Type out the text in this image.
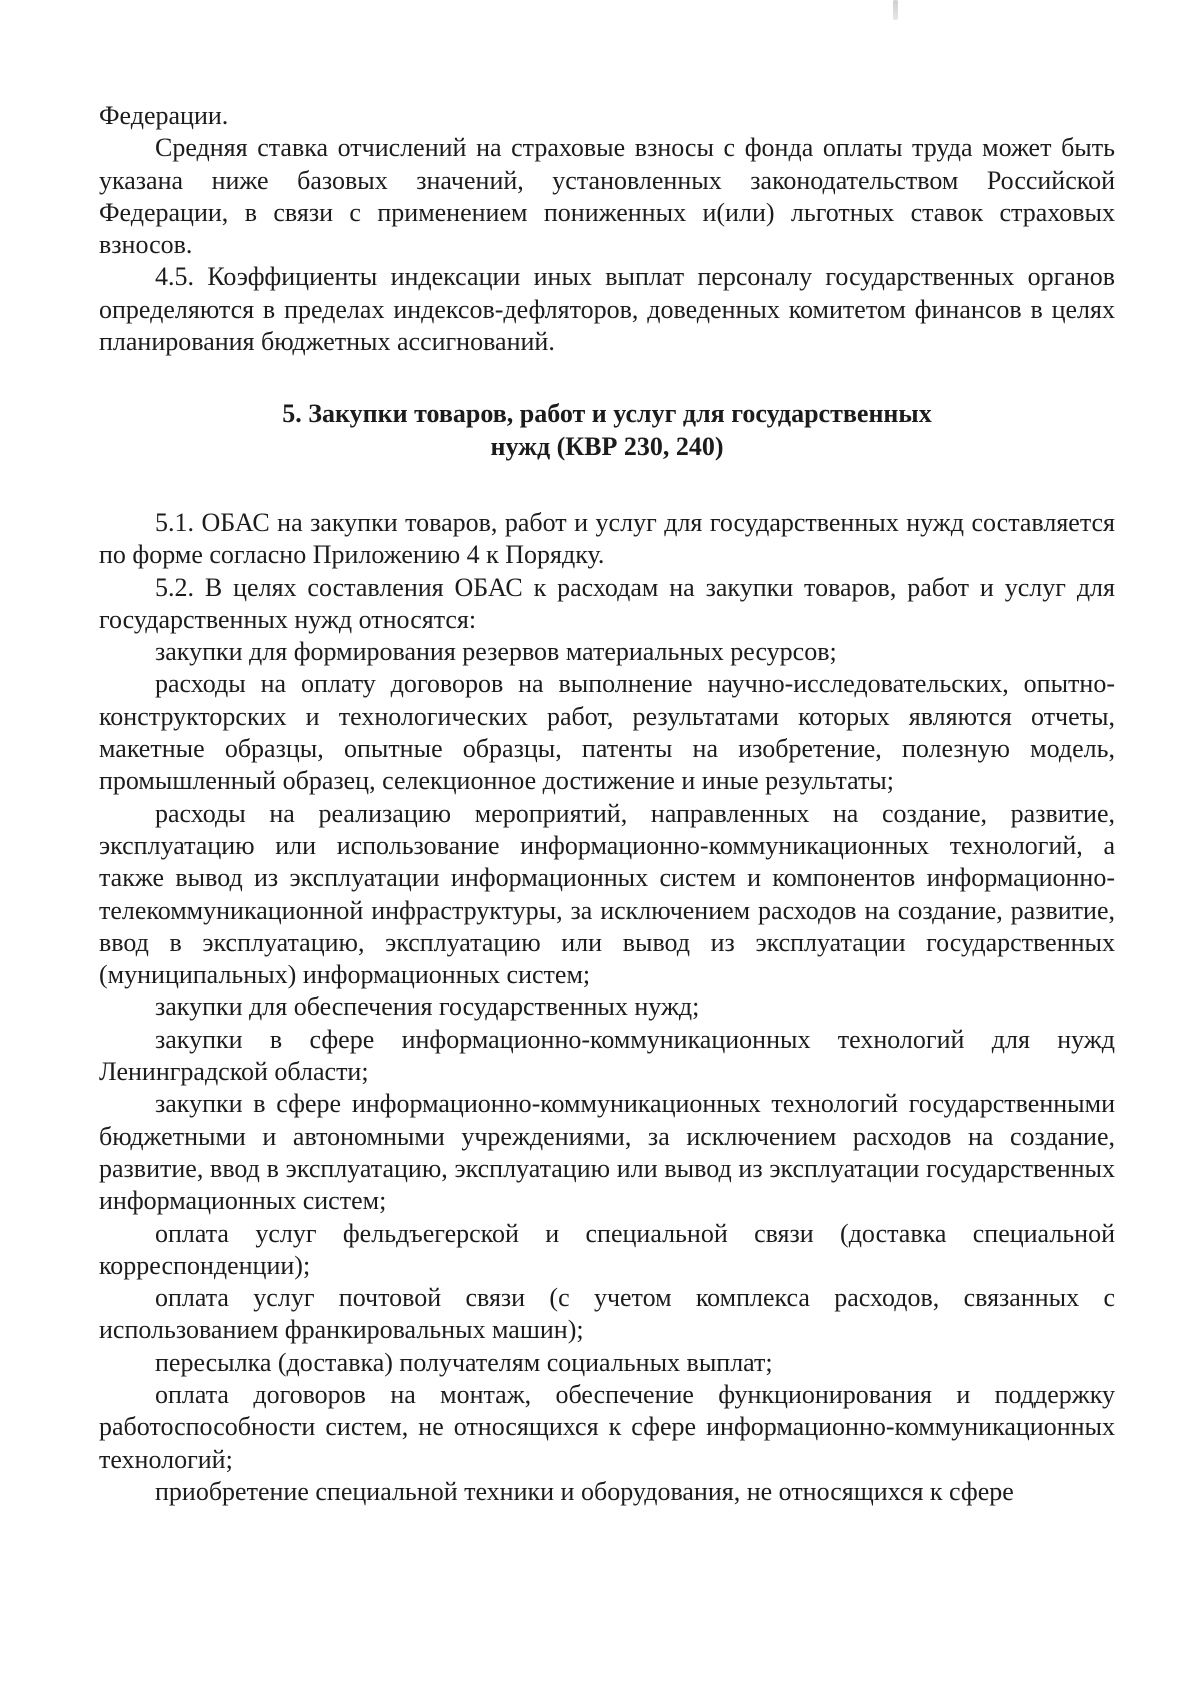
Федерации.

Средняя ставка отчислений на страховые взносы с фонда оплаты труда может быть указана ниже базовых значений, установленных законодательством Российской Федерации, в связи с применением пониженных и(или) льготных ставок страховых взносов.

4.5. Коэффициенты индексации иных выплат персоналу государственных органов определяются в пределах индексов-дефляторов, доведенных комитетом финансов в целях планирования бюджетных ассигнований.

5. Закупки товаров, работ и услуг для государственных
нужд (КВР 230, 240)

5.1. ОБАС на закупки товаров, работ и услуг для государственных нужд составляется по форме согласно Приложению 4 к Порядку.

5.2. В целях составления ОБАС к расходам на закупки товаров, работ и услуг для государственных нужд относятся:

закупки для формирования резервов материальных ресурсов;

расходы на оплату договоров на выполнение научно-исследовательских, опытно-конструкторских и технологических работ, результатами которых являются отчеты, макетные образцы, опытные образцы, патенты на изобретение, полезную модель, промышленный образец, селекционное достижение и иные результаты;

расходы на реализацию мероприятий, направленных на создание, развитие, эксплуатацию или использование информационно-коммуникационных технологий, а также вывод из эксплуатации информационных систем и компонентов информационно-телекоммуникационной инфраструктуры, за исключением расходов на создание, развитие, ввод в эксплуатацию, эксплуатацию или вывод из эксплуатации государственных (муниципальных) информационных систем;

закупки для обеспечения государственных нужд;

закупки в сфере информационно-коммуникационных технологий для нужд Ленинградской области;

закупки в сфере информационно-коммуникационных технологий государственными бюджетными и автономными учреждениями, за исключением расходов на создание, развитие, ввод в эксплуатацию, эксплуатацию или вывод из эксплуатации государственных информационных систем;

оплата услуг фельдъегерской и специальной связи (доставка специальной корреспонденции);

оплата услуг почтовой связи (с учетом комплекса расходов, связанных с использованием франкировальных машин);

пересылка (доставка) получателям социальных выплат;

оплата договоров на монтаж, обеспечение функционирования и поддержку работоспособности систем, не относящихся к сфере информационно-коммуникационных технологий;

приобретение специальной техники и оборудования, не относящихся к сфере
